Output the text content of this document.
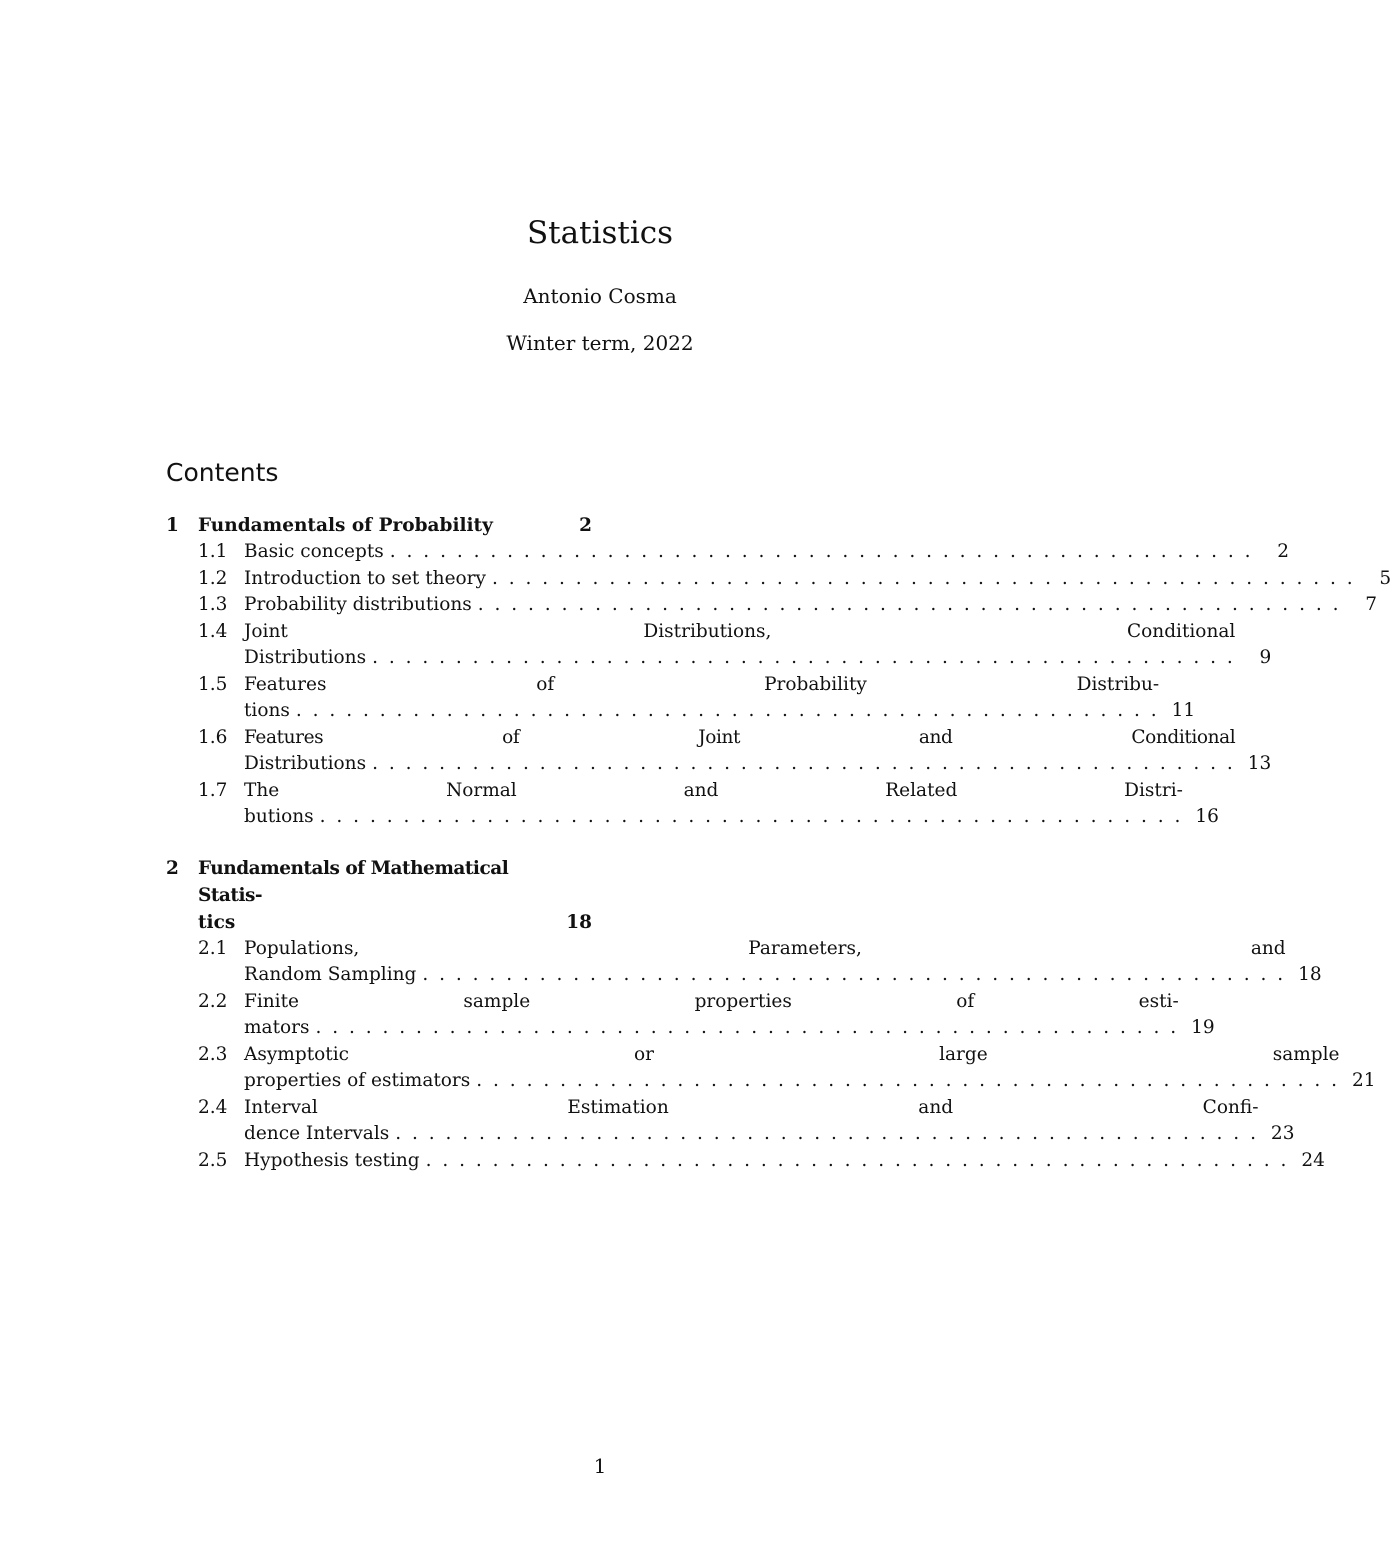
Statistics
Antonio Cosma
Winter term, 2022
Contents
1	Fundamentals of Probability	2
1.1 Basic concepts . . .	2
1.2 Introduction to set theory . . .	5
1.3 Probability distributions . . .	7
1.4 Joint Distributions, Conditional
Distributions . . .	9
1.5 Features of Probability Distribu-
tions . . .	11
1.6 Features of Joint and Conditional
Distributions . . .	13
1.7 The Normal and Related Distri-
butions . . .	16
2	Fundamentals of Mathematical Statis-
tics	18
2.1 Populations, Parameters, and
Random Sampling . . .	18
2.2 Finite sample properties of esti-
mators . . .	19
2.3 Asymptotic or large sample
properties of estimators . . .	21
2.4 Interval Estimation and Confi-
dence Intervals . . .	23
2.5 Hypothesis testing . . .	24
1
